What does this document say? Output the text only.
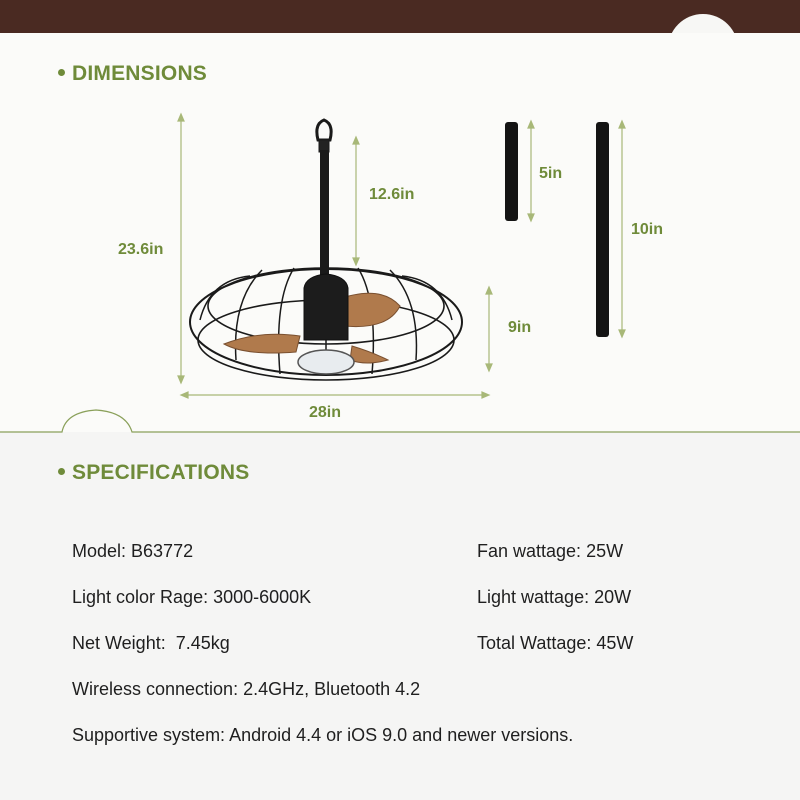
DIMENSIONS
23.6in
12.6in
9in
28in
5in
10in
SPECIFICATIONS
Model: B63772
Light color Rage: 3000-6000K
Net Weight:  7.45kg
Wireless connection: 2.4GHz, Bluetooth 4.2
Supportive system: Android 4.4 or iOS 9.0 and newer versions.
Fan wattage: 25W
Light wattage: 20W
Total Wattage: 45W
